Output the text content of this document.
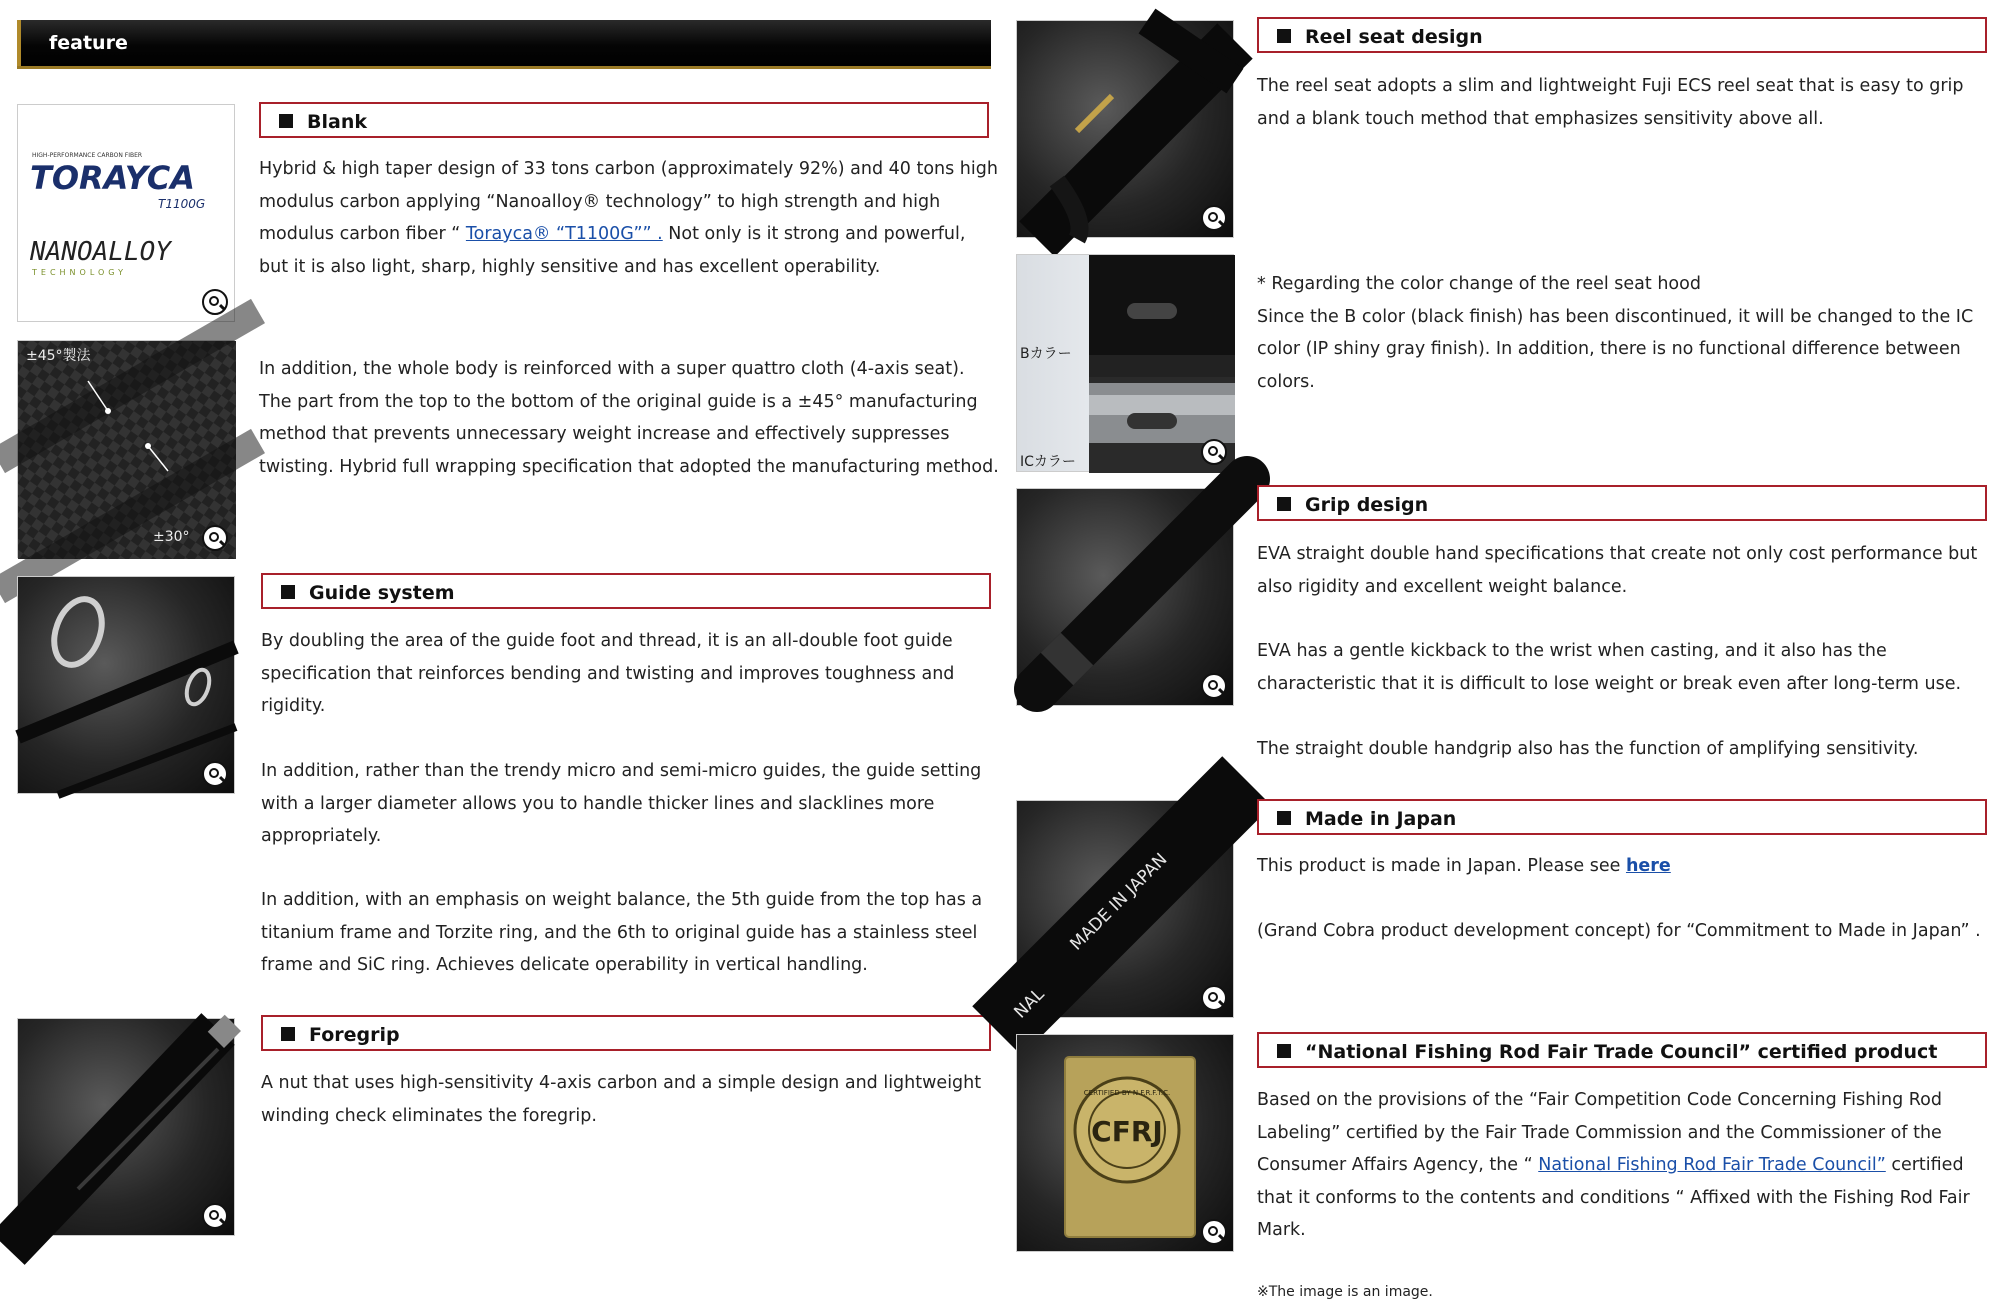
feature
HIGH-PERFORMANCE CARBON FIBER
TORAYCA
T1100G
NANOALLOY
TECHNOLOGY
Blank

Hybrid & high taper design of 33 tons carbon (approximately 92%) and 40 tons high modulus carbon applying “Nanoalloy® technology” to high strength and high modulus carbon fiber “ Torayca® “T1100G”” . Not only is it strong and powerful, but it is also light, sharp, highly sensitive and has excellent operability.

±45°製法
±30°

In addition, the whole body is reinforced with a super quattro cloth (4-axis seat). The part from the top to the bottom of the original guide is a ±45° manufacturing method that prevents unnecessary weight increase and effectively suppresses twisting. Hybrid full wrapping specification that adopted the manufacturing method.

Guide system

By doubling the area of the guide foot and thread, it is an all-double foot guide specification that reinforces bending and twisting and improves toughness and rigidity.

In addition, rather than the trendy micro and semi-micro guides, the guide setting with a larger diameter allows you to handle thicker lines and slacklines more appropriately.

In addition, with an emphasis on weight balance, the 5th guide from the top has a titanium frame and Torzite ring, and the 6th to original guide has a stainless steel frame and SiC ring. Achieves delicate operability in vertical handling.

Foregrip

A nut that uses high-sensitivity 4-axis carbon and a simple design and lightweight winding check eliminates the foregrip.

Reel seat design

The reel seat adopts a slim and lightweight Fuji ECS reel seat that is easy to grip and a blank touch method that emphasizes sensitivity above all.

Bカラー
ICカラー

* Regarding the color change of the reel seat hood
Since the B color (black finish) has been discontinued, it will be changed to the IC color (IP shiny gray finish). In addition, there is no functional difference between colors.

Grip design

EVA straight double hand specifications that create not only cost performance but also rigidity and excellent weight balance.

EVA has a gentle kickback to the wrist when casting, and it also has the characteristic that it is difficult to lose weight or break even after long-term use.

The straight double handgrip also has the function of amplifying sensitivity.

MADE IN JAPAN
NAL
Made in Japan

This product is made in Japan. Please see here

(Grand Cobra product development concept) for “Commitment to Made in Japan” .

CFRJ
CERTIFIED BY N.F.R.F.T.C.
“National Fishing Rod Fair Trade Council” certified product

Based on the provisions of the “Fair Competition Code Concerning Fishing Rod Labeling” certified by the Fair Trade Commission and the Commissioner of the Consumer Affairs Agency, the “ National Fishing Rod Fair Trade Council” certified that it conforms to the contents and conditions “ Affixed with the Fishing Rod Fair Mark.

※The image is an image.
